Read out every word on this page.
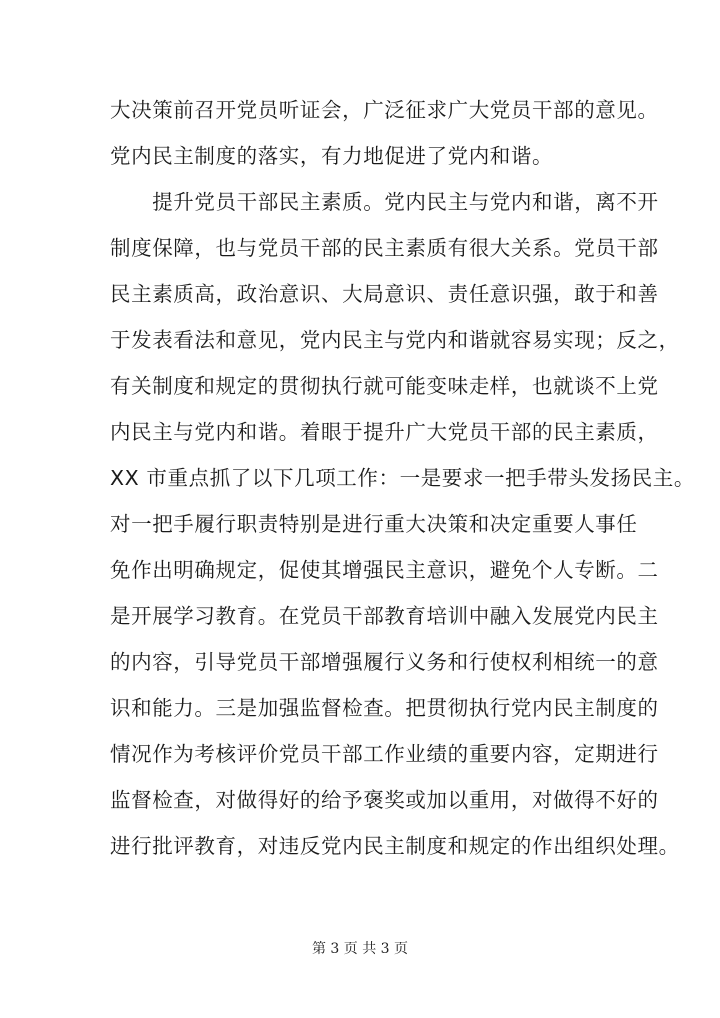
大决策前召开党员听证会，广泛征求广大党员干部的意见。
党内民主制度的落实，有力地促进了党内和谐。
　　提升党员干部民主素质。党内民主与党内和谐，离不开
制度保障，也与党员干部的民主素质有很大关系。党员干部
民主素质高，政治意识、大局意识、责任意识强，敢于和善
于发表看法和意见，党内民主与党内和谐就容易实现；反之，
有关制度和规定的贯彻执行就可能变味走样，也就谈不上党
内民主与党内和谐。着眼于提升广大党员干部的民主素质，
XX 市重点抓了以下几项工作：一是要求一把手带头发扬民主。
对一把手履行职责特别是进行重大决策和决定重要人事任
免作出明确规定，促使其增强民主意识，避免个人专断。二
是开展学习教育。在党员干部教育培训中融入发展党内民主
的内容，引导党员干部增强履行义务和行使权利相统一的意
识和能力。三是加强监督检查。把贯彻执行党内民主制度的
情况作为考核评价党员干部工作业绩的重要内容，定期进行
监督检查，对做得好的给予褒奖或加以重用，对做得不好的
进行批评教育，对违反党内民主制度和规定的作出组织处理。
第 3 页 共 3 页
